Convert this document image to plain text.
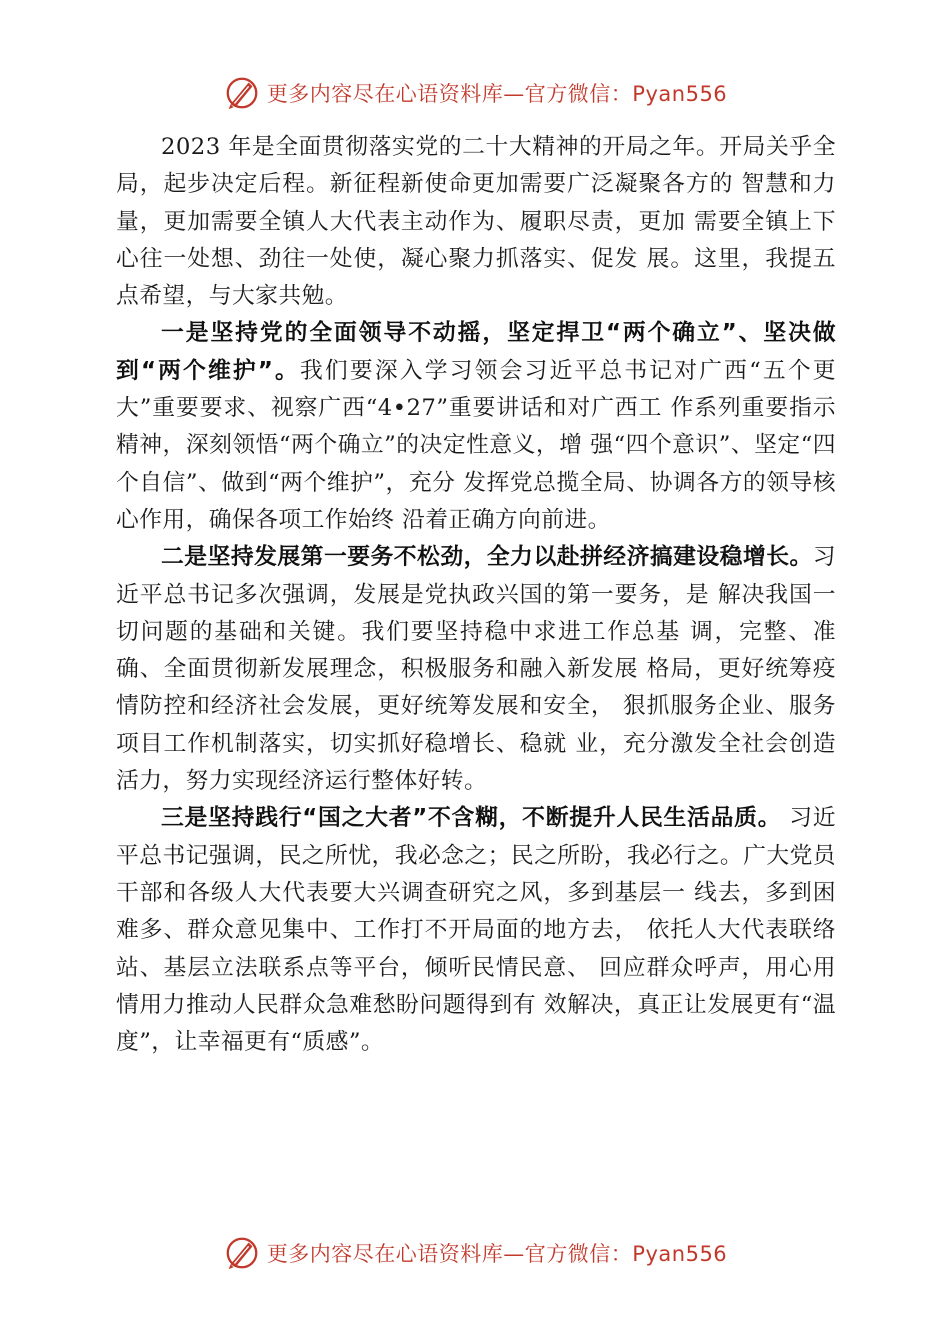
更多内容尽在心语资料库—官方微信：Pyan556

2023 年是全面贯彻落实党的二十大精神的开局之年。开局关乎全局，起步决定后程。新征程新使命更加需要广泛凝聚各方的 智慧和力量，更加需要全镇人大代表主动作为、履职尽责，更加 需要全镇上下心往一处想、劲往一处使，凝心聚力抓落实、促发 展。这里，我提五点希望，与大家共勉。

一是坚持党的全面领导不动摇，坚定捍卫“两个确立”、坚决做到“两个维护”。我们要深入学习领会习近平总书记对广西“五个更大”重要要求、视察广西“4•27”重要讲话和对广西工 作系列重要指示精神，深刻领悟“两个确立”的决定性意义，增 强“四个意识”、坚定“四个自信”、做到“两个维护”，充分 发挥党总揽全局、协调各方的领导核心作用，确保各项工作始终 沿着正确方向前进。

二是坚持发展第一要务不松劲，全力以赴拼经济搞建设稳增长。习近平总书记多次强调，发展是党执政兴国的第一要务，是 解决我国一切问题的基础和关键。我们要坚持稳中求进工作总基 调，完整、准确、全面贯彻新发展理念，积极服务和融入新发展 格局，更好统筹疫情防控和经济社会发展，更好统筹发展和安全， 狠抓服务企业、服务项目工作机制落实，切实抓好稳增长、稳就 业，充分激发全社会创造活力，努力实现经济运行整体好转。

三是坚持践行“国之大者”不含糊，不断提升人民生活品质。 习近平总书记强调，民之所忧，我必念之；民之所盼，我必行之。广大党员干部和各级人大代表要大兴调查研究之风，多到基层一 线去，多到困难多、群众意见集中、工作打不开局面的地方去， 依托人大代表联络站、基层立法联系点等平台，倾听民情民意、 回应群众呼声，用心用情用力推动人民群众急难愁盼问题得到有 效解决，真正让发展更有“温度”，让幸福更有“质感”。

更多内容尽在心语资料库—官方微信：Pyan556
